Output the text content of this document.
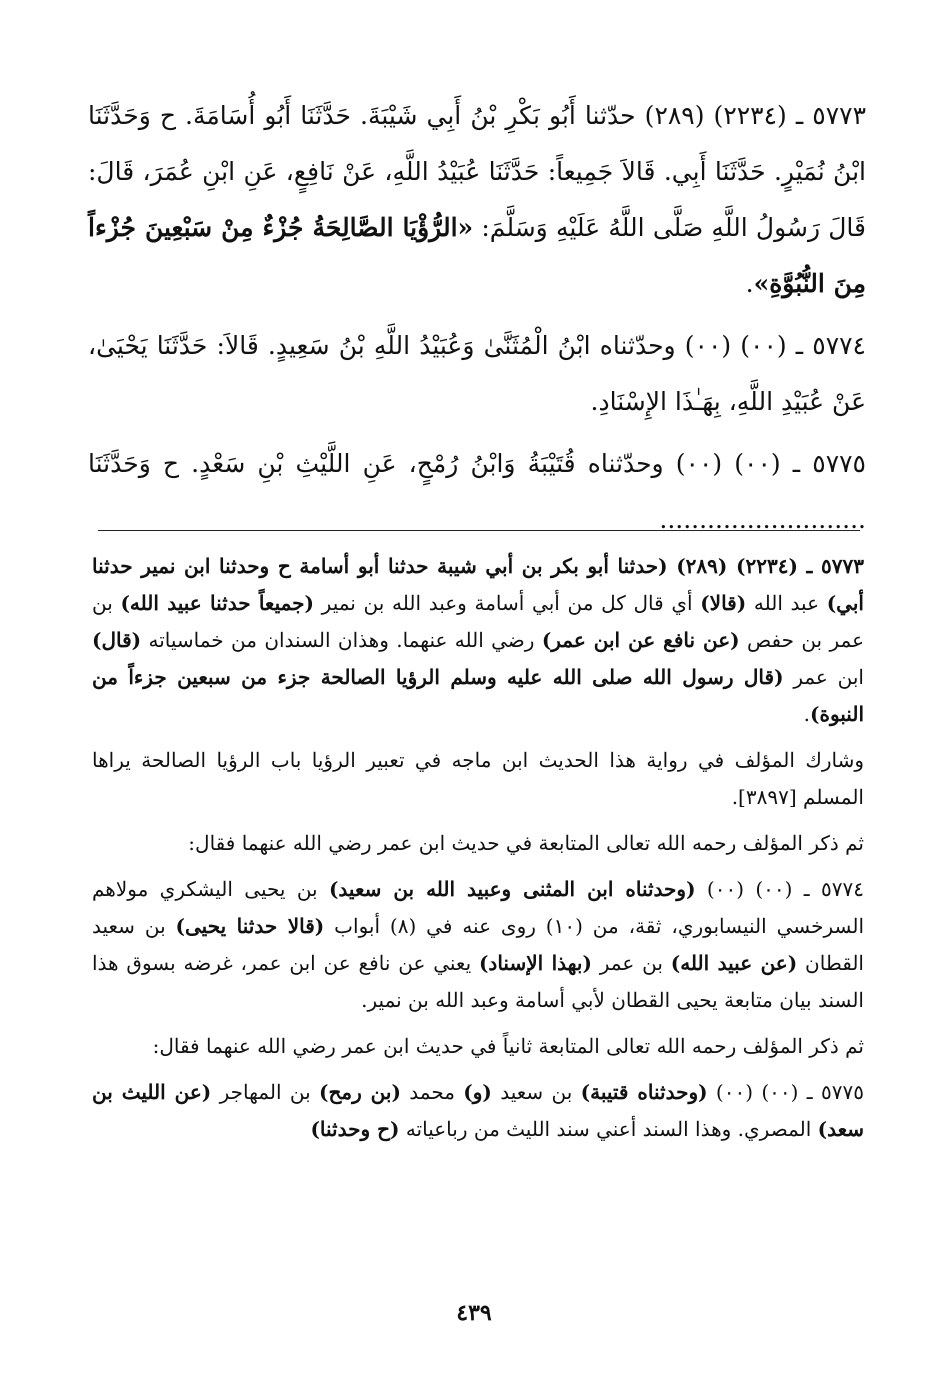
٥٧٧٣ ـ (٢٢٣٤) (٢٨٩) حدّثنا أَبُو بَكْرِ بْنُ أَبِي شَيْبَةَ. حَدَّثَنَا أَبُو أُسَامَةَ. ح وَحَدَّثَنَا ابْنُ نُمَيْرٍ. حَدَّثَنَا أَبِي. قَالاَ جَمِيعاً: حَدَّثَنَا عُبَيْدُ اللَّهِ، عَنْ نَافِعٍ، عَنِ ابْنِ عُمَرَ، قَالَ: قَالَ رَسُولُ اللَّهِ صَلَّى اللَّهُ عَلَيْهِ وَسَلَّمَ: «الرُّؤْيَا الصَّالِحَةُ جُزْءٌ مِنْ سَبْعِينَ جُزْءاً مِنَ النُّبُوَّةِ».

٥٧٧٤ ـ (٠٠) (٠٠) وحدّثناه ابْنُ الْمُثَنَّىٰ وَعُبَيْدُ اللَّهِ بْنُ سَعِيدٍ. قَالاَ: حَدَّثَنَا يَحْيَىٰ، عَنْ عُبَيْدِ اللَّهِ، بِهَـٰذَا الإِسْنَادِ.

٥٧٧٥ ـ (٠٠) (٠٠) وحدّثناه قُتَيْبَةُ وَابْنُ رُمْحٍ، عَنِ اللَّيْثِ بْنِ سَعْدٍ. ح وَحَدَّثَنَا ..........................

٥٧٧٣ ـ (٢٢٣٤) (٢٨٩) (حدثنا أبو بكر بن أبي شيبة حدثنا أبو أسامة ح وحدثنا ابن نمير حدثنا أبي) عبد الله (قالا) أي قال كل من أبي أسامة وعبد الله بن نمير (جميعاً حدثنا عبيد الله) بن عمر بن حفص (عن نافع عن ابن عمر) رضي الله عنهما. وهذان السندان من خماسياته (قال) ابن عمر (قال رسول الله صلى الله عليه وسلم الرؤيا الصالحة جزء من سبعين جزءاً من النبوة).

وشارك المؤلف في رواية هذا الحديث ابن ماجه في تعبير الرؤيا باب الرؤيا الصالحة يراها المسلم [٣٨٩٧].

ثم ذكر المؤلف رحمه الله تعالى المتابعة في حديث ابن عمر رضي الله عنهما فقال:

٥٧٧٤ ـ (٠٠) (٠٠) (وحدثناه ابن المثنى وعبيد الله بن سعيد) بن يحيى اليشكري مولاهم السرخسي النيسابوري، ثقة، من (١٠) روى عنه في (٨) أبواب (قالا حدثنا يحيى) بن سعيد القطان (عن عبيد الله) بن عمر (بهذا الإسناد) يعني عن نافع عن ابن عمر، غرضه بسوق هذا السند بيان متابعة يحيى القطان لأبي أسامة وعبد الله بن نمير.

ثم ذكر المؤلف رحمه الله تعالى المتابعة ثانياً في حديث ابن عمر رضي الله عنهما فقال:

٥٧٧٥ ـ (٠٠) (٠٠) (وحدثناه قتيبة) بن سعيد (و) محمد (بن رمح) بن المهاجر (عن الليث بن سعد) المصري. وهذا السند أعني سند الليث من رباعياته (ح وحدثنا)

٤٣٩
